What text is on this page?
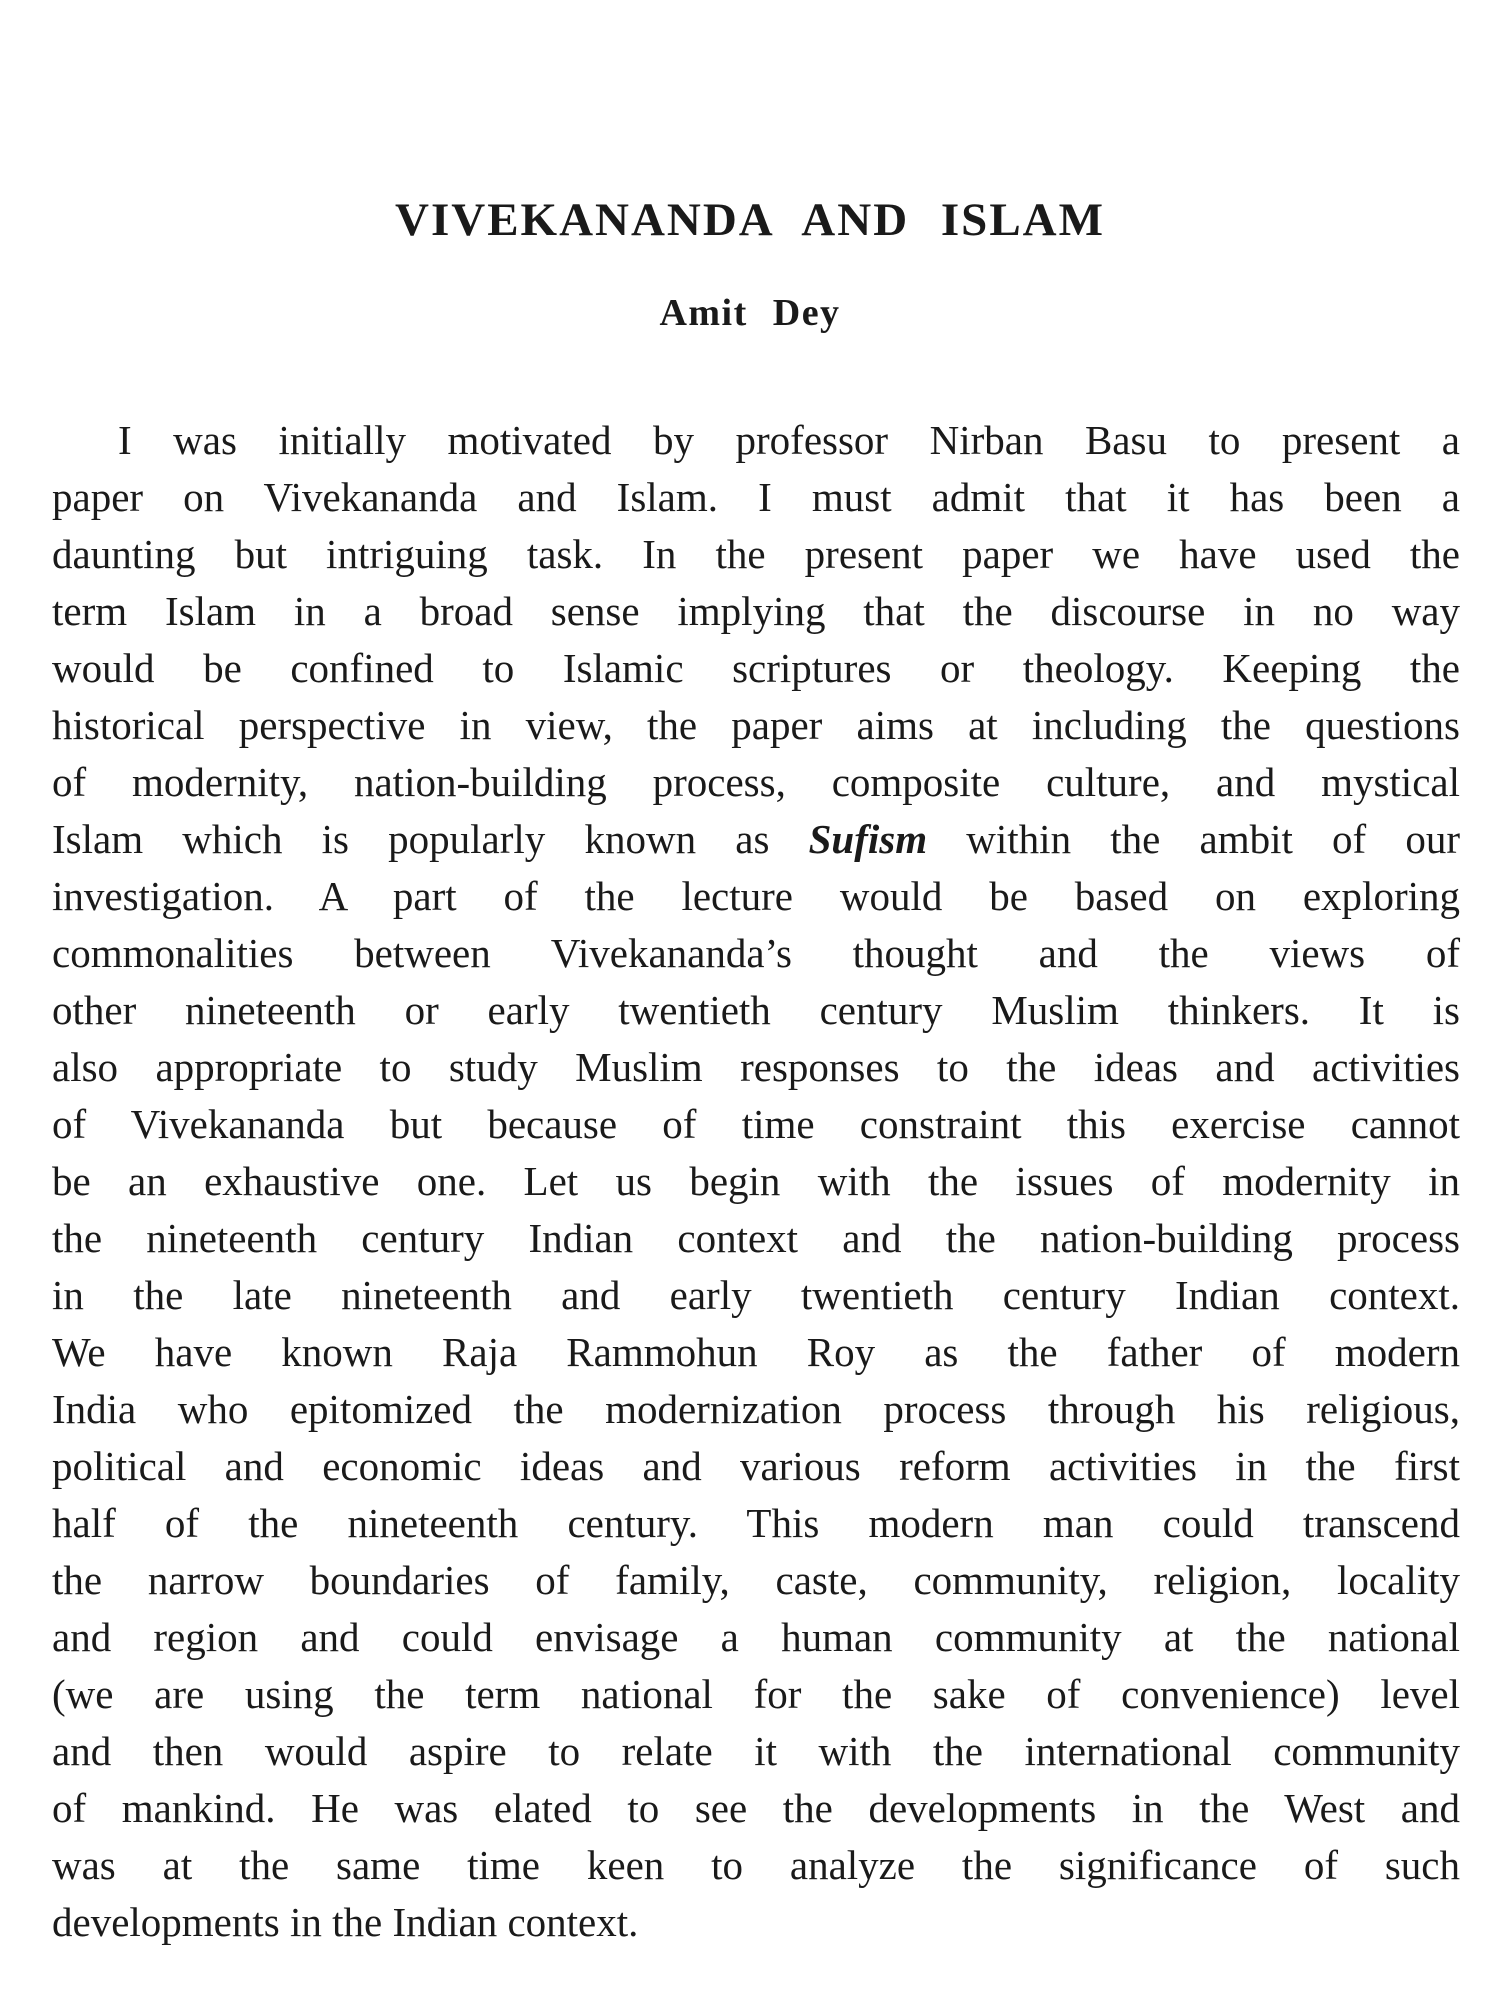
VIVEKANANDA AND ISLAM
Amit Dey
I was initially motivated by professor Nirban Basu to present a
paper on Vivekananda and Islam. I must admit that it has been a
daunting but intriguing task. In the present paper we have used the
term Islam in a broad sense implying that the discourse in no way
would be confined to Islamic scriptures or theology. Keeping the
historical perspective in view, the paper aims at including the questions
of modernity, nation-building process, composite culture, and mystical
Islam which is popularly known as Sufism within the ambit of our
investigation. A part of the lecture would be based on exploring
commonalities between Vivekananda’s thought and the views of
other nineteenth or early twentieth century Muslim thinkers. It is
also appropriate to study Muslim responses to the ideas and activities
of Vivekananda but because of time constraint this exercise cannot
be an exhaustive one. Let us begin with the issues of modernity in
the nineteenth century Indian context and the nation-building process
in the late nineteenth and early twentieth century Indian context.
We have known Raja Rammohun Roy as the father of modern
India who epitomized the modernization process through his religious,
political and economic ideas and various reform activities in the first
half of the nineteenth century. This modern man could transcend
the narrow boundaries of family, caste, community, religion, locality
and region and could envisage a human community at the national
(we are using the term national for the sake of convenience) level
and then would aspire to relate it with the international community
of mankind. He was elated to see the developments in the West and
was at the same time keen to analyze the significance of such
developments in the Indian context.
